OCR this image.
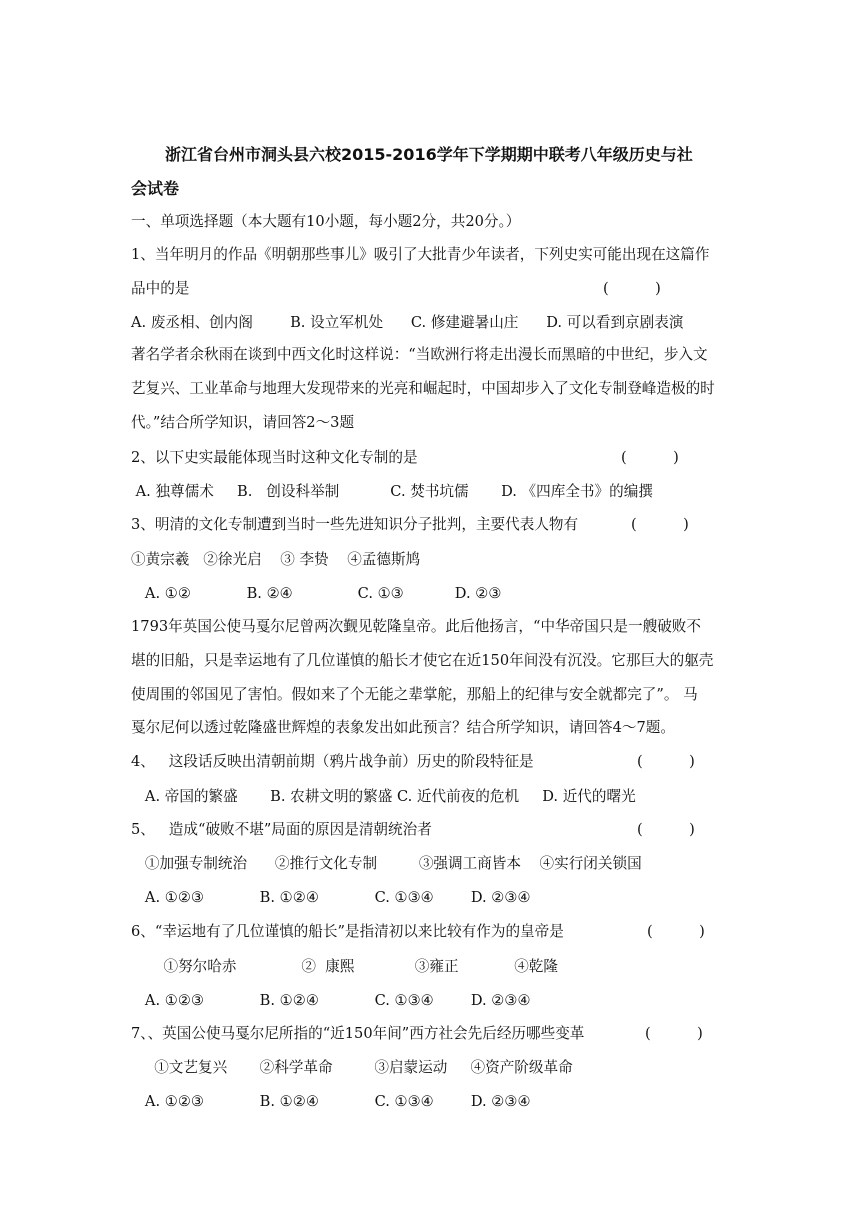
浙江省台州市洞头县六校2015-2016学年下学期期中联考八年级历史与社
会试卷
一、单项选择题（本大题有10小题，每小题2分，共20分。）
1、当年明月的作品《明朝那些事儿》吸引了大批青少年读者，下列史实可能出现在这篇作
品中的是	(          )
A. 废丞相、创内阁        B. 设立军机处      C. 修建避暑山庄      D. 可以看到京剧表演
著名学者余秋雨在谈到中西文化时这样说：“当欧洲行将走出漫长而黑暗的中世纪，步入文
艺复兴、工业革命与地理大发现带来的光亮和崛起时，中国却步入了文化专制登峰造极的时
代。”结合所学知识，请回答2～3题
2、以下史实最能体现当时这种文化专制的是	(          )
A. 独尊儒术     B.   创设科举制           C. 焚书坑儒       D. 《四库全书》的编撰
3、明清的文化专制遭到当时一些先进知识分子批判，主要代表人物有	(          )
①黄宗羲   ②徐光启    ③ 李贽    ④孟德斯鸠
A. ①②            B. ②④              C. ①③           D. ②③
1793年英国公使马戛尔尼曾两次觐见乾隆皇帝。此后他扬言，“中华帝国只是一艘破败不
堪的旧船，只是幸运地有了几位谨慎的船长才使它在近150年间没有沉没。它那巨大的躯壳
使周围的邻国见了害怕。假如来了个无能之辈掌舵，那船上的纪律与安全就都完了”。 马
戛尔尼何以透过乾隆盛世辉煌的表象发出如此预言？结合所学知识，请回答4～7题。
4、   这段话反映出清朝前期（鸦片战争前）历史的阶段特征是	(          )
A. 帝国的繁盛       B. 农耕文明的繁盛 C. 近代前夜的危机     D. 近代的曙光
5、   造成“破败不堪”局面的原因是清朝统治者	(          )
①加强专制统治      ②推行文化专制         ③强调工商皆本    ④实行闭关锁国
A. ①②③            B. ①②④            C. ①③④        D. ②③④
6、“幸运地有了几位谨慎的船长”是指清初以来比较有作为的皇帝是	(          )
①努尔哈赤              ②  康熙             ③雍正            ④乾隆
A. ①②③            B. ①②④            C. ①③④        D. ②③④
7、、英国公使马戛尔尼所指的“近150年间”西方社会先后经历哪些变革	(          )
①文艺复兴       ②科学革命         ③启蒙运动     ④资产阶级革命
A. ①②③            B. ①②④            C. ①③④        D. ②③④
